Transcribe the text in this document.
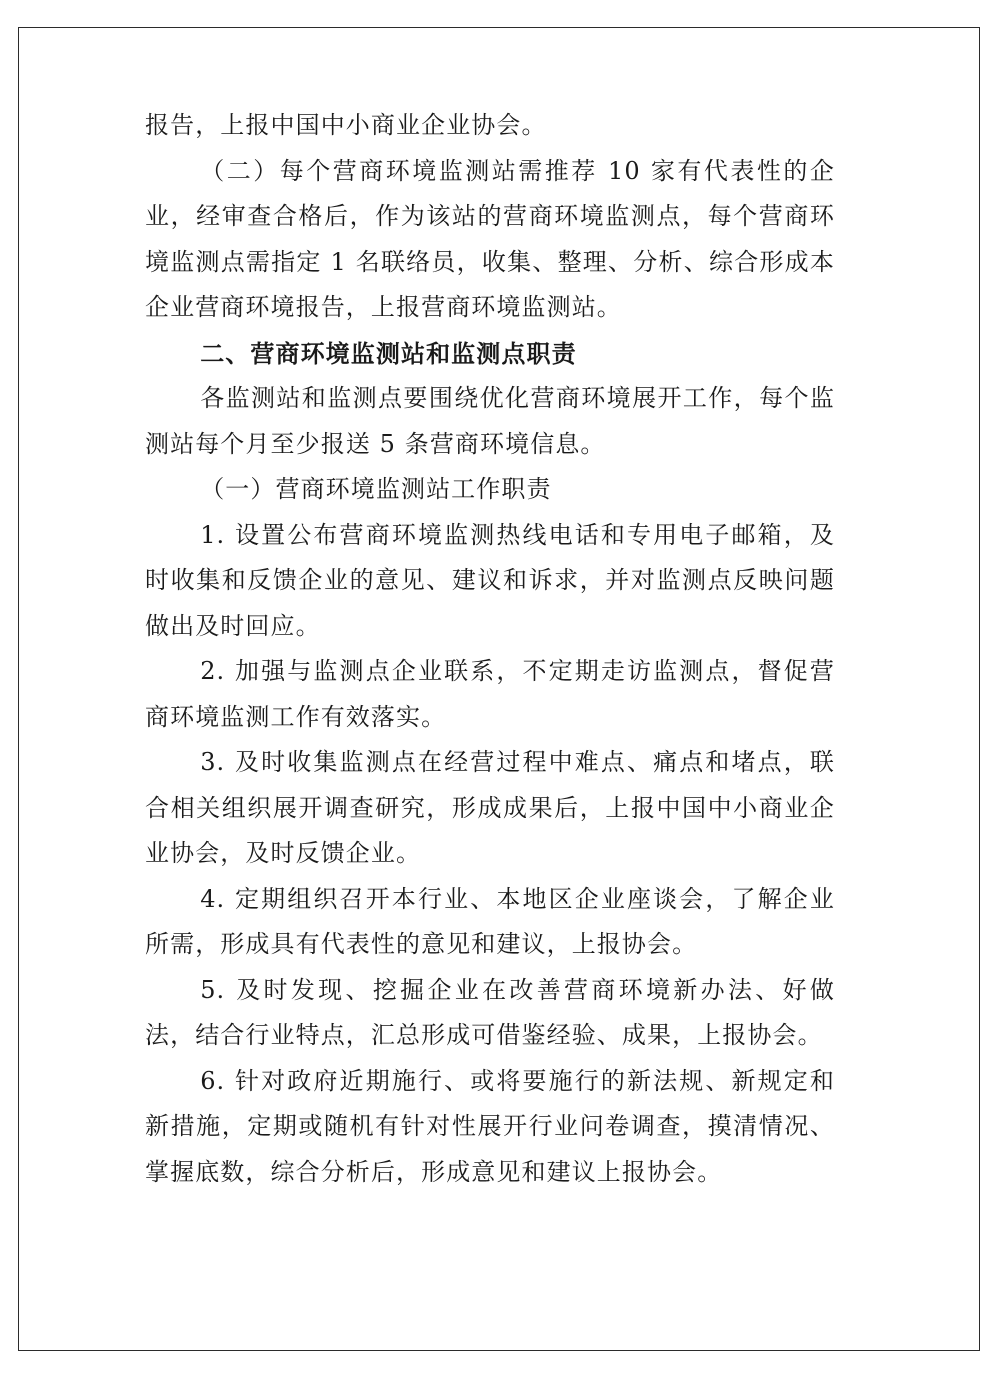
报告，上报中国中小商业企业协会。

（二）每个营商环境监测站需推荐 10 家有代表性的企业，经审查合格后，作为该站的营商环境监测点，每个营商环境监测点需指定 1 名联络员，收集、整理、分析、综合形成本企业营商环境报告，上报营商环境监测站。

二、营商环境监测站和监测点职责

各监测站和监测点要围绕优化营商环境展开工作，每个监测站每个月至少报送 5 条营商环境信息。

（一）营商环境监测站工作职责

1. 设置公布营商环境监测热线电话和专用电子邮箱，及时收集和反馈企业的意见、建议和诉求，并对监测点反映问题做出及时回应。

2. 加强与监测点企业联系，不定期走访监测点，督促营商环境监测工作有效落实。

3. 及时收集监测点在经营过程中难点、痛点和堵点，联合相关组织展开调查研究，形成成果后，上报中国中小商业企业协会，及时反馈企业。

4. 定期组织召开本行业、本地区企业座谈会，了解企业所需，形成具有代表性的意见和建议，上报协会。

5. 及时发现、挖掘企业在改善营商环境新办法、好做法，结合行业特点，汇总形成可借鉴经验、成果，上报协会。

6. 针对政府近期施行、或将要施行的新法规、新规定和新措施，定期或随机有针对性展开行业问卷调查，摸清情况、掌握底数，综合分析后，形成意见和建议上报协会。
